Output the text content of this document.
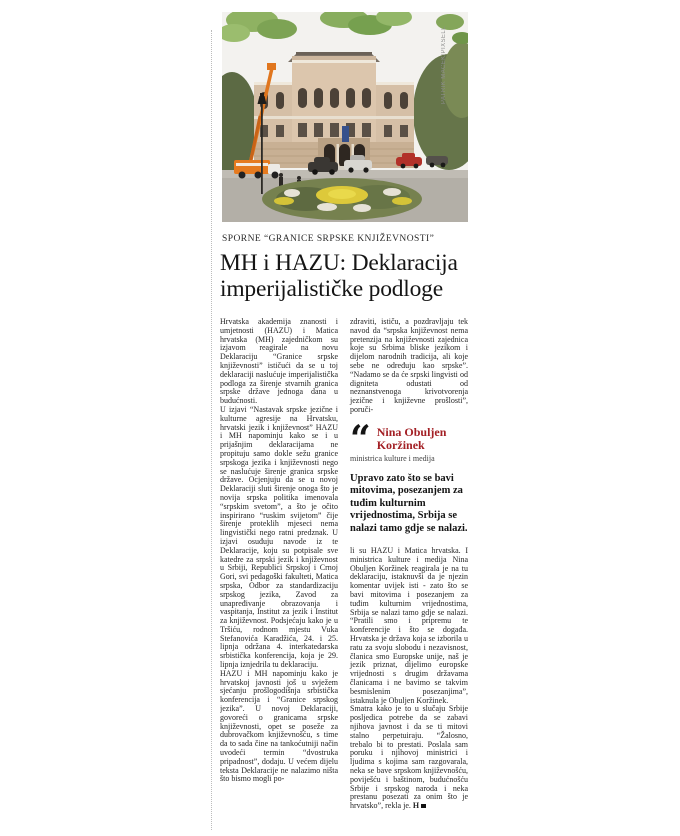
PATRIK MACEK/PIXSELL
SPORNE “GRANICE SRPSKE KNJIŽEVNOSTI”
MH i HAZU: Deklaracija imperijalističke podloge

Hrvatska akademija znanosti i umjetnosti (HAZU) i Matica hrvatska (MH) zajedničkom su izjavom reagirale na novu Deklaraciju “Granice srpske književnosti” ističući da se u toj deklaraciji naslućuje imperijalistička podloga za širenje stvarnih granica srpske države jednoga dana u budućnosti.

U izjavi “Nastavak srpske jezične i kulturne agresije na Hrvatsku, hrvatski jezik i književnost” HAZU i MH napominju kako se i u prijašnjim deklaracijama ne propituju samo dokle sežu granice srpskoga jezika i književnosti nego se naslućuje širenje granica srpske države. Ocjenjuju da se u novoj Deklaraciji sluti širenje onoga što je novija srpska politika imenovala “srpskim svetom”, a što je očito inspirirano “ruskim svijetom” čije širenje proteklih mjeseci nema lingvistički nego ratni predznak. U izjavi osuđuju navode iz te Deklaracije, koju su potpisale sve katedre za srpski jezik i književnost u Srbiji, Republici Srpskoj i Crnoj Gori, svi pedagoški fakulteti, Matica srpska, Odbor za standardizaciju srpskog jezika, Zavod za unapređivanje obrazovanja i vaspitanja, Institut za jezik i Institut za književnost. Podsjećaju kako je u Tršiću, rodnom mjestu Vuka Stefanovića Karadžića, 24. i 25. lipnja održana 4. interkatedarska srbistička konferencija, koja je 29. lipnja iznjedrila tu deklaraciju.

HAZU i MH napominju kako je hrvatskoj javnosti još u svježem sjećanju prošlogodišnja srbistička konferencija i “Granice srpskog jezika”. U novoj Deklaraciji, govoreći o granicama srpske književnosti, opet se poseže za dubrovačkom književnošću, s time da to sada čine na tankoćutniji način uvodeći termin “dvostruka pripadnost”, dodaju. U većem dijelu teksta Deklaracije ne nalazimo ništa što bismo mogli po-

zdraviti, ističu, a pozdravljaju tek navod da “srpska književnost nema pretenzija na književnosti zajednica koje su Srbima bliske jezikom i dijelom narodnih tradicija, ali koje sebe ne određuju kao srpske”. “Nadamo se da će srpski lingvisti od digniteta odustati od neznanstvenoga krivotvorenja jezične i književne prošlosti”, poruči-

“ Nina Obuljen Koržinek
ministrica kulture i medija
Upravo zato što se bavi mitovima, posezanjem za tuđim kulturnim vrijednostima, Srbija se nalazi tamo gdje se nalazi.

li su HAZU i Matica hrvatska. I ministrica kulture i medija Nina Obuljen Koržinek reagirala je na tu deklaraciju, istaknuvši da je njezin komentar uvijek isti - zato što se bavi mitovima i posezanjem za tuđim kulturnim vrijednostima, Srbija se nalazi tamo gdje se nalazi. “Pratili smo i pripremu te konferencije i što se događa. Hrvatska je država koja se izborila u ratu za svoju slobodu i nezavisnost, članica smo Europske unije, naš je jezik priznat, dijelimo europske vrijednosti s drugim državama članicama i ne bavimo se takvim besmislenim posezanjima”, istaknula je Obuljen Koržinek.

Smatra kako je to u slučaju Srbije posljedica potrebe da se zabavi njihova javnost i da se ti mitovi stalno perpetuiraju. “Žalosno, trebalo bi to prestati. Poslala sam poruku i njihovoj ministrici i ljudima s kojima sam razgovarala, neka se bave srpskom književnošću, poviješću i baštinom, budućnošću Srbije i srpskog naroda i neka prestanu posezati za onim što je hrvatsko”, rekla je. H
